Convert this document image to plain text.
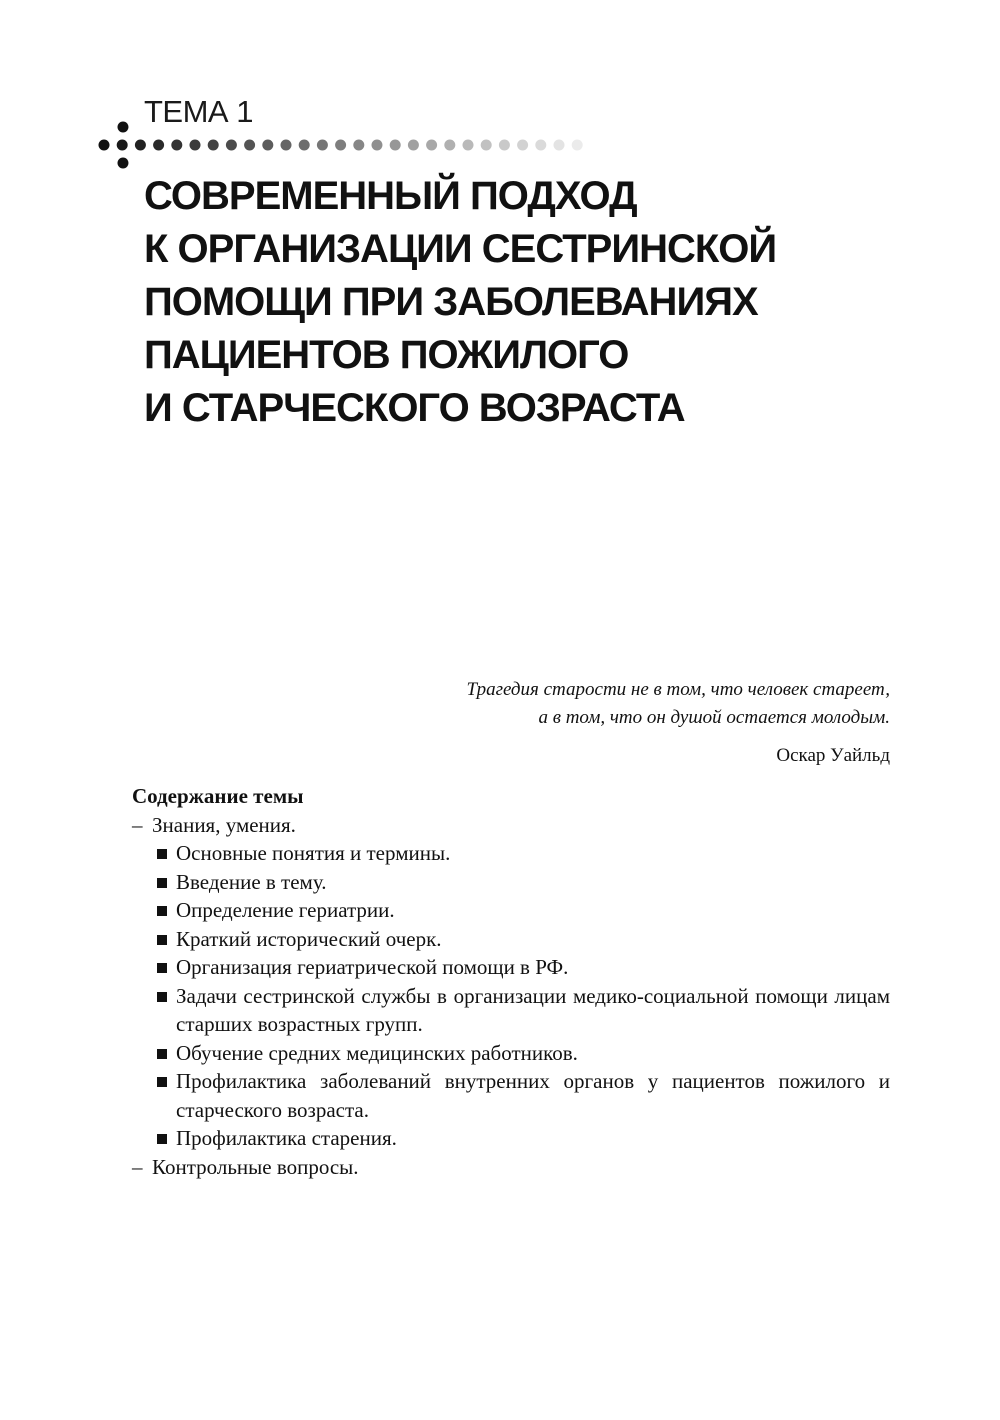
ТЕМА 1
СОВРЕМЕННЫЙ ПОДХОД
К ОРГАНИЗАЦИИ СЕСТРИНСКОЙ
ПОМОЩИ ПРИ ЗАБОЛЕВАНИЯХ
ПАЦИЕНТОВ ПОЖИЛОГО
И СТАРЧЕСКОГО ВОЗРАСТА
Трагедия старости не в том, что человек стареет,
а в том, что он душой остается молодым.
Оскар Уайльд

Содержание темы

– Знания, умения.
Основные понятия и термины.
Введение в тему.
Определение гериатрии.
Краткий исторический очерк.
Организация гериатрической помощи в РФ.
Задачи сестринской службы в организации медико-социальной помощи лицам старших возрастных групп.
Обучение средних медицинских работников.
Профилактика заболеваний внутренних органов у пациентов пожилого и старческого возраста.
Профилактика старения.
– Контрольные вопросы.
